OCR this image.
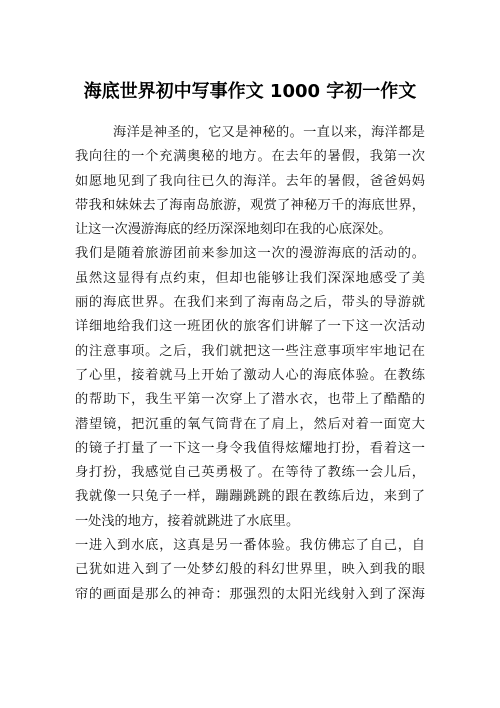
海底世界初中写事作文 1000 字初一作文
海洋是神圣的，它又是神秘的。一直以来，海洋都是
我向往的一个充满奥秘的地方。在去年的暑假，我第一次
如愿地见到了我向往已久的海洋。去年的暑假，爸爸妈妈
带我和妹妹去了海南岛旅游，观赏了神秘万千的海底世界，
让这一次漫游海底的经历深深地刻印在我的心底深处。
我们是随着旅游团前来参加这一次的漫游海底的活动的。
虽然这显得有点约束，但却也能够让我们深深地感受了美
丽的海底世界。在我们来到了海南岛之后，带头的导游就
详细地给我们这一班团伙的旅客们讲解了一下这一次活动
的注意事项。之后，我们就把这一些注意事项牢牢地记在
了心里，接着就马上开始了激动人心的海底体验。在教练
的帮助下，我生平第一次穿上了潜水衣，也带上了酷酷的
潜望镜，把沉重的氧气筒背在了肩上，然后对着一面宽大
的镜子打量了一下这一身令我值得炫耀地打扮，看着这一
身打扮，我感觉自己英勇极了。在等待了教练一会儿后，
我就像一只兔子一样，蹦蹦跳跳的跟在教练后边，来到了
一处浅的地方，接着就跳进了水底里。
一进入到水底，这真是另一番体验。我仿佛忘了自己，自
己犹如进入到了一处梦幻般的科幻世界里，映入到我的眼
帘的画面是那么的神奇：那强烈的太阳光线射入到了深海
